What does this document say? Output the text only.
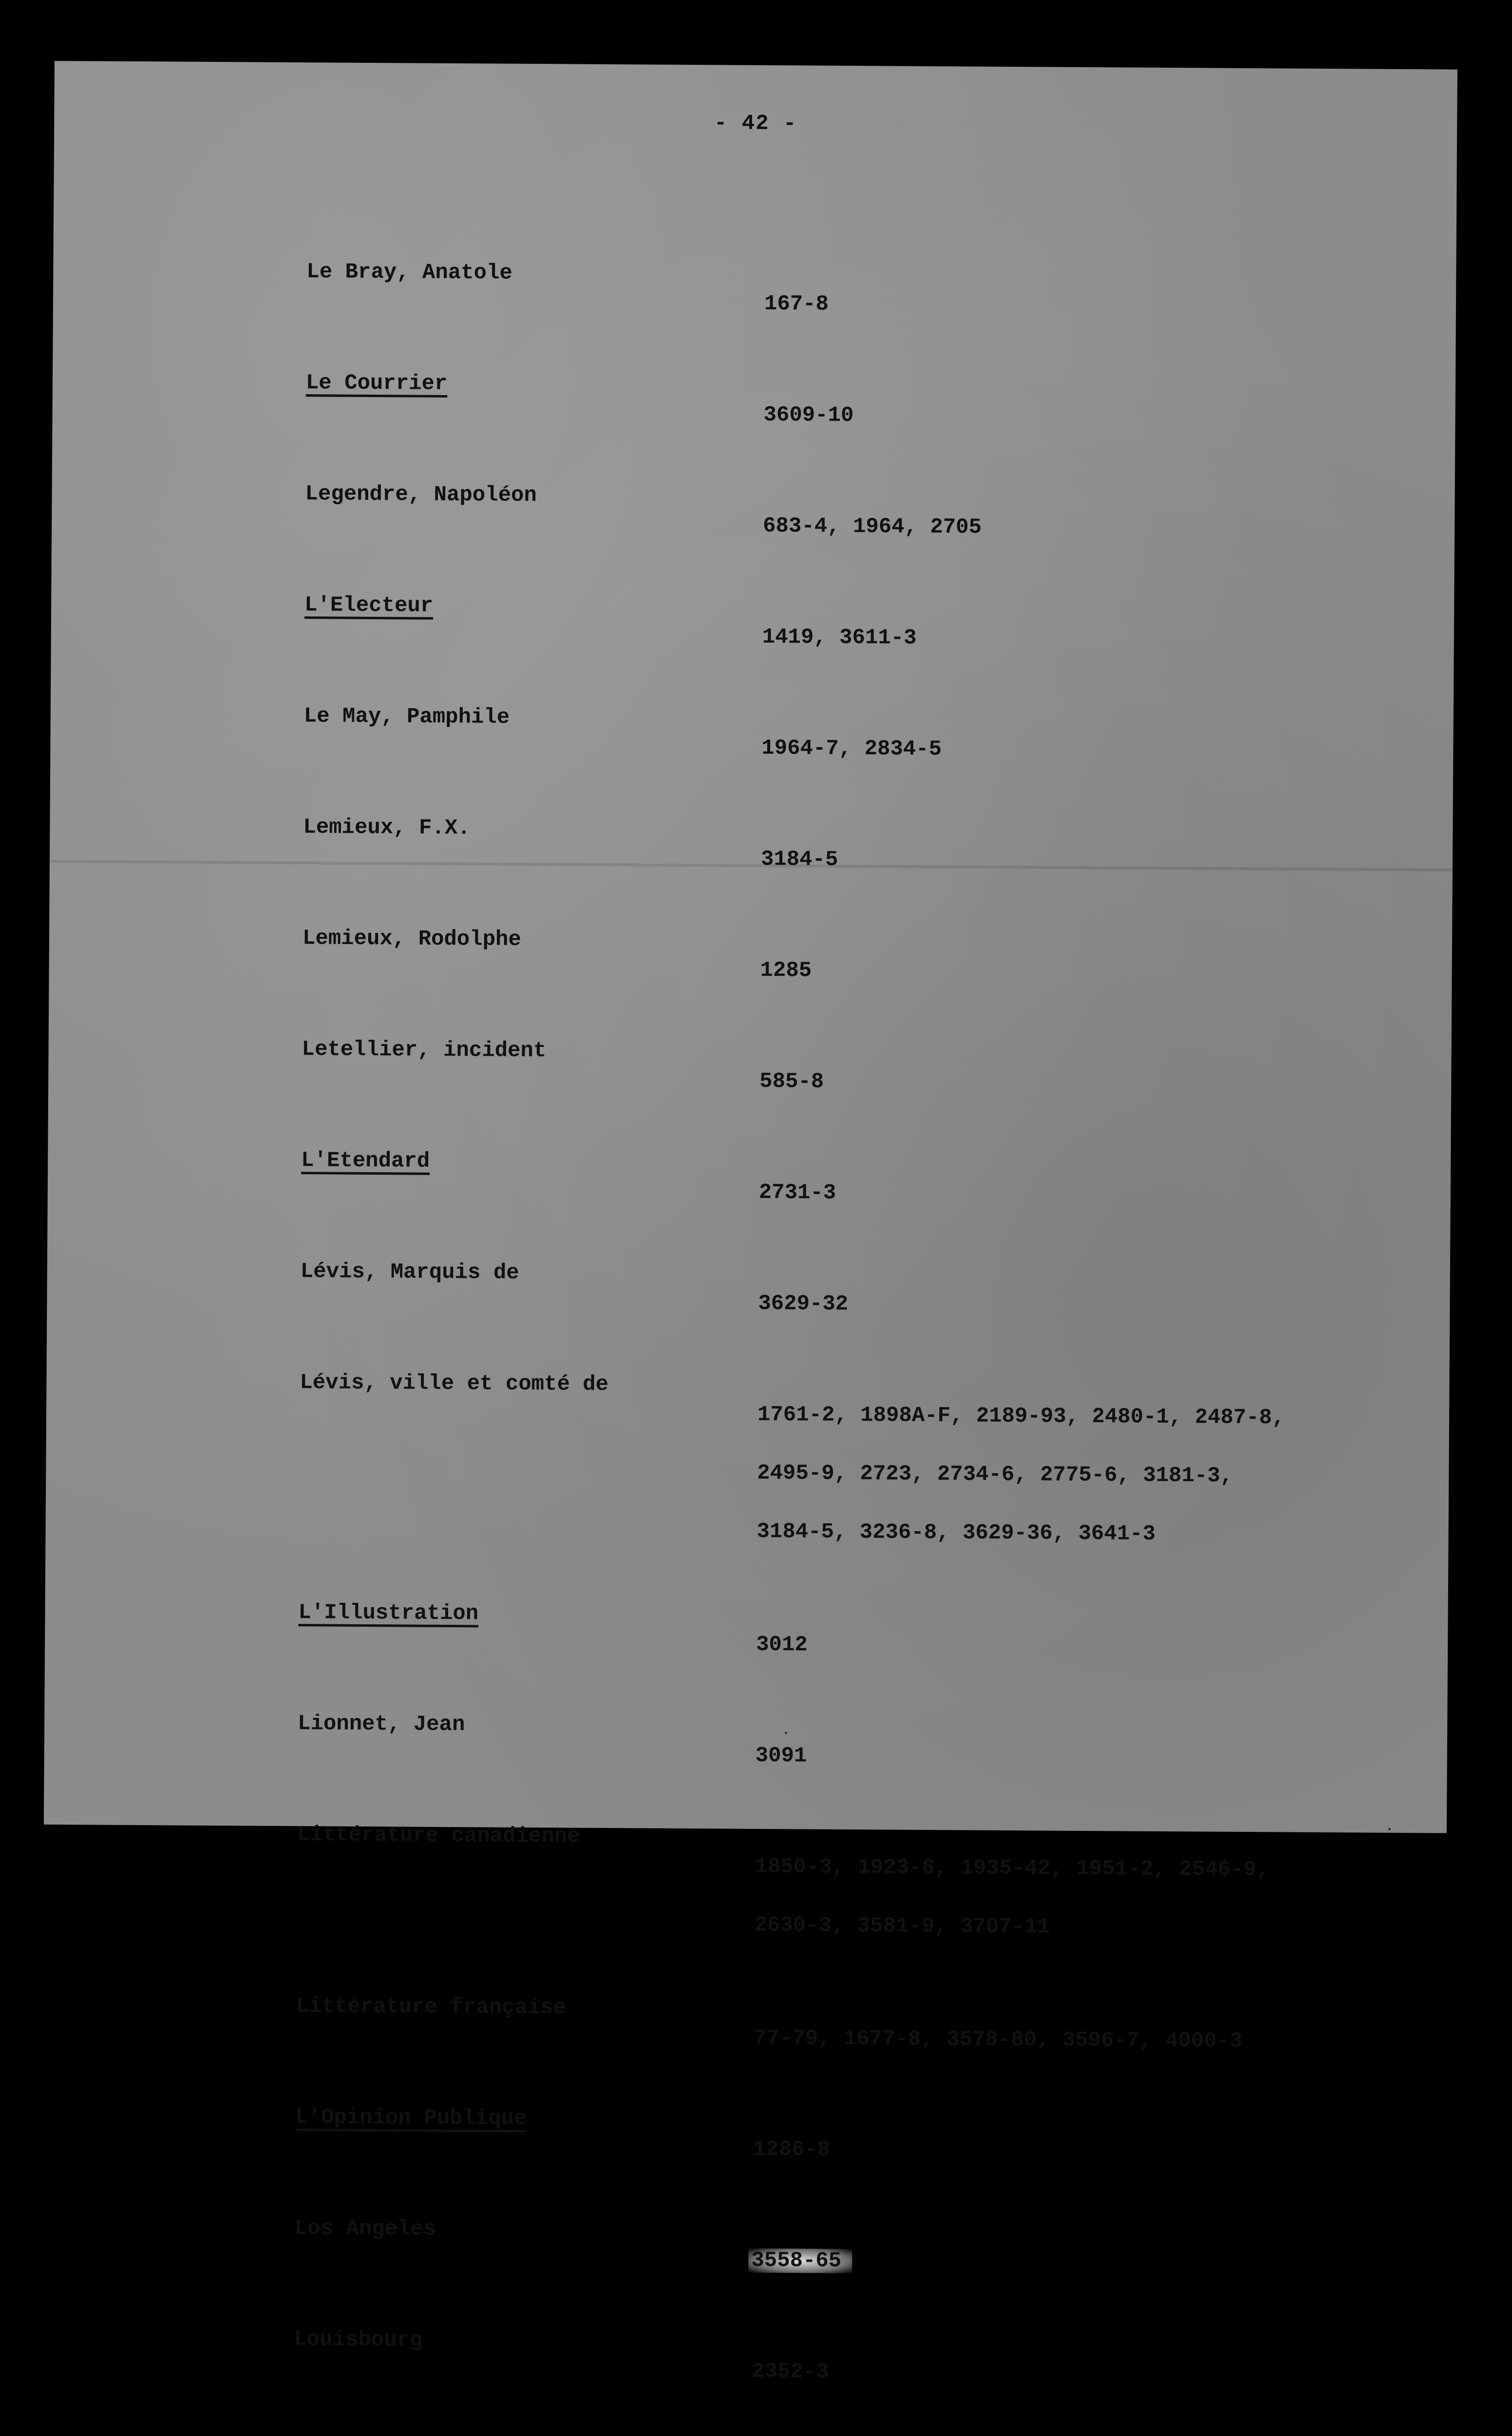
- 42 -
Le Bray, Anatole

167-8

Le Courrier

3609-10

Legendre, Napoléon

683-4, 1964, 2705

L'Electeur

1419, 3611-3

Le May, Pamphile

1964-7, 2834-5

Lemieux, F.X.

3184-5

Lemieux, Rodolphe

1285

Letellier, incident

585-8

L'Etendard

2731-3

Lévis, Marquis de

3629-32

Lévis, ville et comté de

1761-2, 1898A-F, 2189-93, 2480-1, 2487-8,

2495-9, 2723, 2734-6, 2775-6, 3181-3,

3184-5, 3236-8, 3629-36, 3641-3

L'Illustration

3012

Lionnet, Jean

3091

Littérature canadienne

1850-3, 1923-6, 1935-42, 1951-2, 2546-9,

2630-3, 3581-9, 3707-11

Littérature française

77-79, 1677-8, 3578-80, 3596-7, 4000-3

L'Opinion Publique

1286-8

Los Angeles

3558-65

Louisbourg

2352-3
